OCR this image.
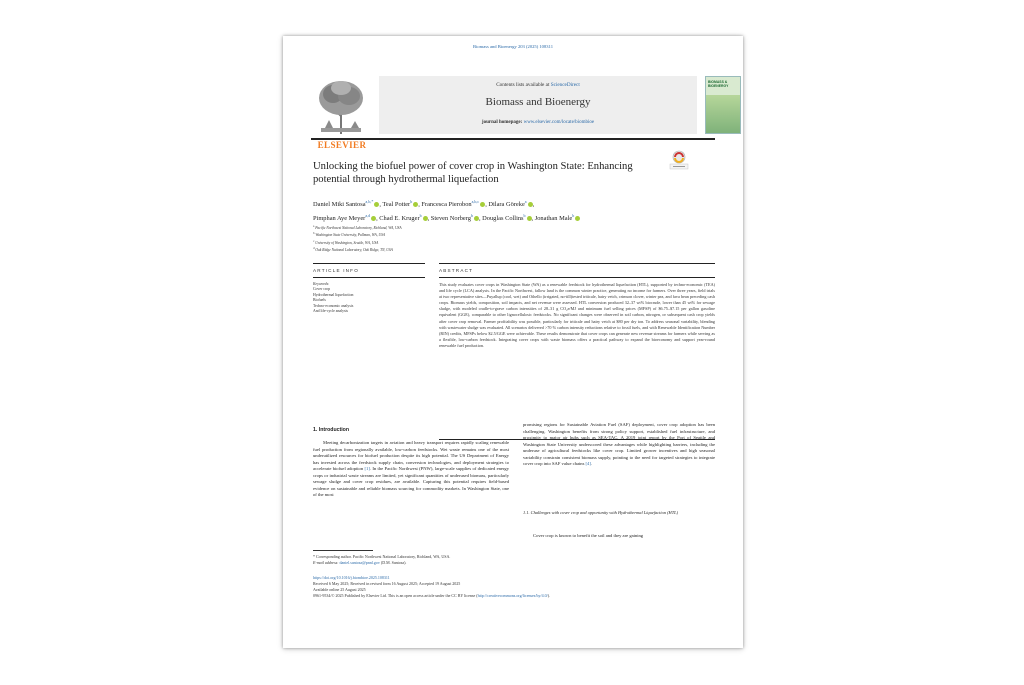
Biomass and Bioenergy 203 (2025) 108311
ELSEVIER
Contents lists available at ScienceDirect
Biomass and Bioenergy
journal homepage: www.elsevier.com/locate/biombioe
BIOMASS & BIOENERGY
Unlocking the biofuel power of cover crop in Washington State: Enhancing potential through hydrothermal liquefaction
Daniel Miki Santosa$^{a,b,*}$ , Teal Potter$^b$ , Francesca Pierobon$^{a,b,c}$ , Dilara Göreke$^a$ ,
Pimphan Aye Meyer$^{a,d}$ , Chad E. Kruger$^b$ , Steven Norberg$^b$ , Douglas Collins$^b$ , Jonathan Male$^b$
$^a$ Pacific Northwest National Laboratory, Richland, WA, USA
$^b$ Washington State University, Pullman, WA, USA
$^c$ University of Washington, Seattle, WA, USA
$^d$ Oak Ridge National Laboratory, Oak Ridge, TN, USA
ARTICLE INFO	ABSTRACT
Keywords:
Cover crop
Hydrothermal liquefaction
Biofuels
Techno-economic analysis
And life-cycle analysis
This study evaluates cover crops in Washington State (WA) as a renewable feedstock for hydrothermal liquefaction (HTL), supported by techno-economic (TEA) and life cycle (LCA) analysis. In the Pacific Northwest, fallow land is the common winter practice, generating no income for farmers. Over three years, field trials at two representative sites—Puyallup (cool, wet) and Othello (irrigated, no-till)tested triticale, hairy vetch, crimson clover, winter pea, and fava bean preceding cash crops. Biomass yields, composition, soil impacts, and net revenue were assessed. HTL conversion produced 32–37 wt% biocrude, lower than 45 wt% for sewage sludge, with modeled cradle-to-grave carbon intensities of 28–31 g CO₂e/MJ and minimum fuel selling prices (MFSP) of $6.75–$7.15 per gallon gasoline equivalent (GGE), comparable to other lignocellulosic feedstocks. No significant changes were observed in soil carbon, nitrogen, or subsequent cash crop yields after cover crop removal. Farmer profitability was possible, particularly for triticale and hairy vetch at $80 per dry ton. To address seasonal variability, blending with wastewater sludge was evaluated. All scenarios delivered >70 % carbon intensity reductions relative to fossil fuels, and with Renewable Identification Number (RIN) credits, MFSPs below $2.5/GGE were achievable. These results demonstrate that cover crops can generate new revenue streams for farmers while serving as a flexible, low-carbon feedstock. Integrating cover crops with waste biomass offers a practical pathway to expand the bioeconomy and support year-round renewable fuel production.
1. Introduction
Meeting decarbonization targets in aviation and heavy transport requires rapidly scaling renewable fuel production from regionally available, low-carbon feedstocks. Wet waste remains one of the most underutilized resources for biofuel production despite its high potential. The US Department of Energy has invested across the feedstock supply chain, conversion technologies, and deployment strategies to accelerate biofuel adoption [1]. In the Pacific Northwest (PNW), large-scale supplies of dedicated energy crops or industrial waste streams are limited, yet significant quantities of underused biomass, particularly sewage sludge and cover crop residues, are available. Capturing this potential requires field-based evidence on sustainable and reliable biomass sourcing for commodity markets. In Washington State, one of the most
promising regions for Sustainable Aviation Fuel (SAF) deployment, cover crop adoption has been challenging. Washington benefits from strong policy support, established fuel infrastructure, and proximity to major air hubs such as SEA-TAC. A 2019 joint report by the Port of Seattle and Washington State University underscored these advantages while highlighting barriers, including the underuse of agricultural feedstocks like cover crop. Limited grower incentives and high seasonal variability constrain consistent biomass supply, pointing to the need for targeted strategies to integrate cover crop into SAF value chains [4].
1.1. Challenges with cover crop and opportunity with Hydrothermal Liquefaction (HTL)
Cover crop is known to benefit the soil and they are gaining
* Corresponding author. Pacific Northwest National Laboratory, Richland, WA, USA.
E-mail address: daniel.santosa@pnnl.gov (D.M. Santosa).
https://doi.org/10.1016/j.biombioe.2025.108311
Received 6 May 2025; Received in revised form 16 August 2025; Accepted 19 August 2025
Available online 25 August 2025
0961-9534/© 2025 Published by Elsevier Ltd. This is an open access article under the CC BY license (http://creativecommons.org/licenses/by/4.0/).
